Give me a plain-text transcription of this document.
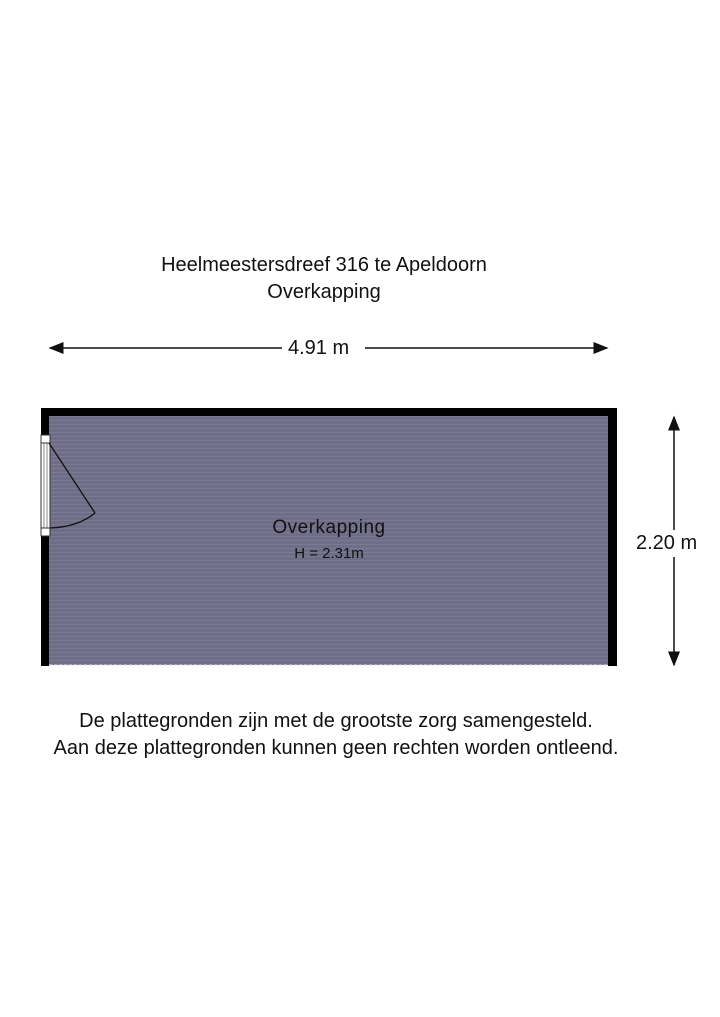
Heelmeestersdreef 316 te Apeldoorn
Overkapping
4.91 m
2.20 m
Overkapping
H = 2.31m
De plattegronden zijn met de grootste zorg samengesteld.
Aan deze plattegronden kunnen geen rechten worden ontleend.
